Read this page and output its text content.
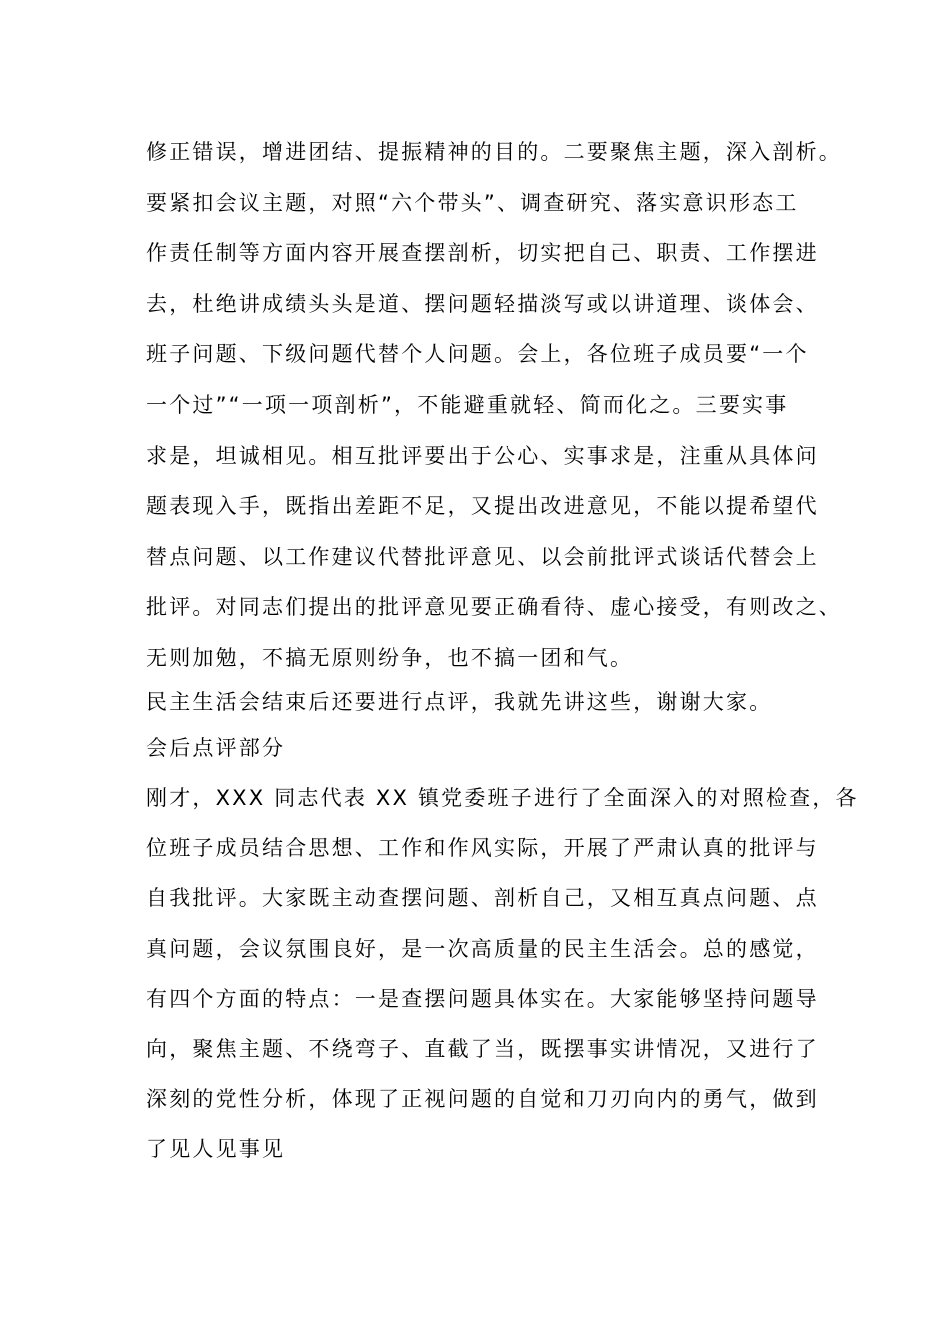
修正错误，增进团结、提振精神的目的。二要聚焦主题，深入剖析。
要紧扣会议主题，对照“六个带头”、调查研究、落实意识形态工
作责任制等方面内容开展查摆剖析，切实把自己、职责、工作摆进
去，杜绝讲成绩头头是道、摆问题轻描淡写或以讲道理、谈体会、
班子问题、下级问题代替个人问题。会上，各位班子成员要“一个
一个过”“一项一项剖析”，不能避重就轻、简而化之。三要实事
求是，坦诚相见。相互批评要出于公心、实事求是，注重从具体问
题表现入手，既指出差距不足，又提出改进意见，不能以提希望代
替点问题、以工作建议代替批评意见、以会前批评式谈话代替会上
批评。对同志们提出的批评意见要正确看待、虚心接受，有则改之、
无则加勉，不搞无原则纷争，也不搞一团和气。
民主生活会结束后还要进行点评，我就先讲这些，谢谢大家。
会后点评部分
刚才，XXX 同志代表 XX 镇党委班子进行了全面深入的对照检查，各
位班子成员结合思想、工作和作风实际，开展了严肃认真的批评与
自我批评。大家既主动查摆问题、剖析自己，又相互真点问题、点
真问题，会议氛围良好，是一次高质量的民主生活会。总的感觉，
有四个方面的特点：一是查摆问题具体实在。大家能够坚持问题导
向，聚焦主题、不绕弯子、直截了当，既摆事实讲情况，又进行了
深刻的党性分析，体现了正视问题的自觉和刀刃向内的勇气，做到
了见人见事见
